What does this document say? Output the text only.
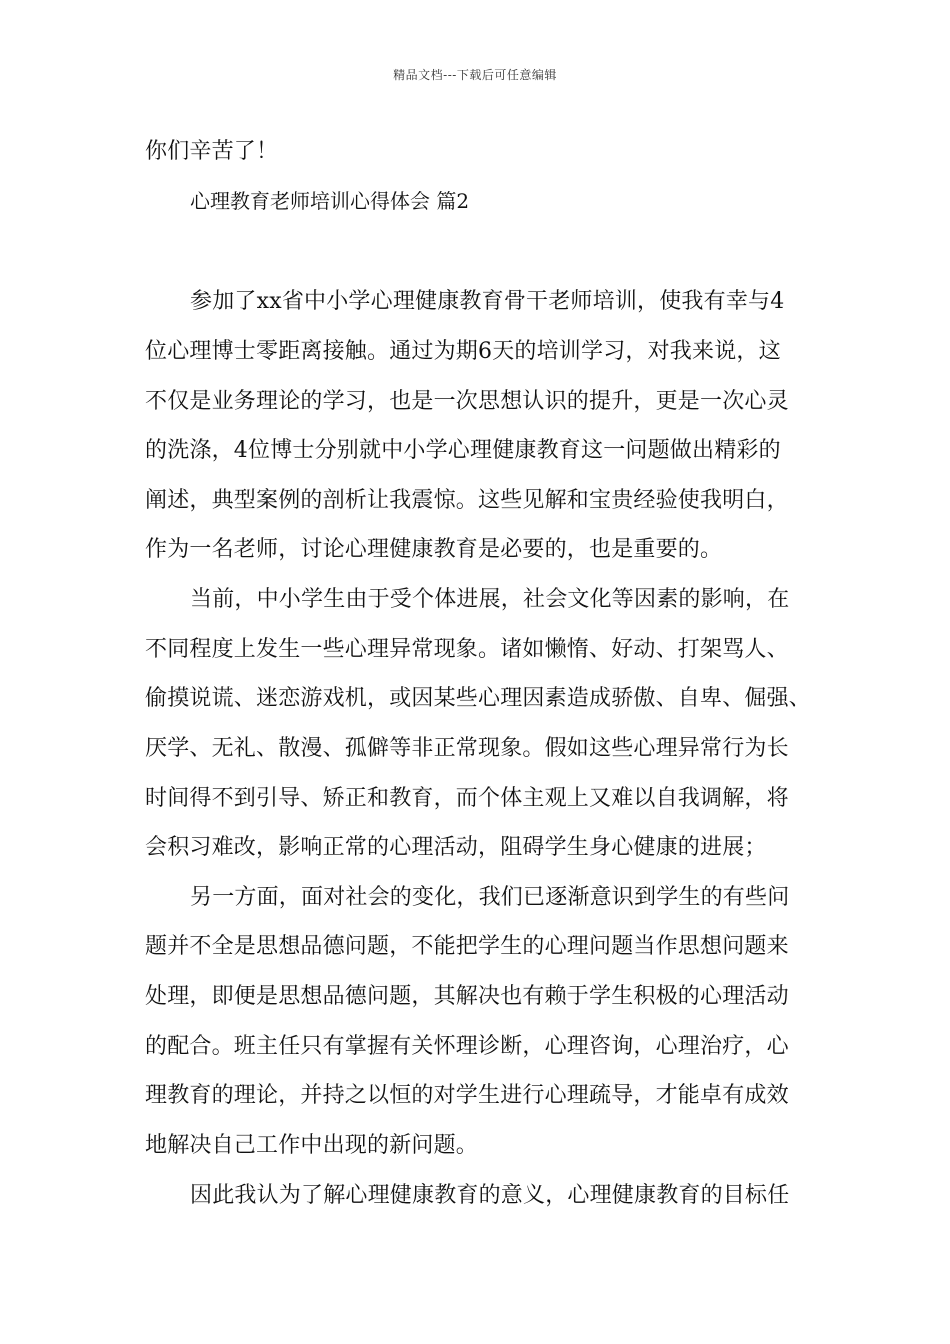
精品文档---下载后可任意编辑
你们辛苦了！
心理教育老师培训心得体会 篇2
参加了xx省中小学心理健康教育骨干老师培训，使我有幸与4
位心理博士零距离接触。通过为期6天的培训学习，对我来说，这
不仅是业务理论的学习，也是一次思想认识的提升，更是一次心灵
的洗涤，4位博士分别就中小学心理健康教育这一问题做出精彩的
阐述，典型案例的剖析让我震惊。这些见解和宝贵经验使我明白，
作为一名老师，讨论心理健康教育是必要的，也是重要的。
当前，中小学生由于受个体进展，社会文化等因素的影响，在
不同程度上发生一些心理异常现象。诸如懒惰、好动、打架骂人、
偷摸说谎、迷恋游戏机，或因某些心理因素造成骄傲、自卑、倔强、
厌学、无礼、散漫、孤僻等非正常现象。假如这些心理异常行为长
时间得不到引导、矫正和教育，而个体主观上又难以自我调解，将
会积习难改，影响正常的心理活动，阻碍学生身心健康的进展；
另一方面，面对社会的变化，我们已逐渐意识到学生的有些问
题并不全是思想品德问题，不能把学生的心理问题当作思想问题来
处理，即便是思想品德问题，其解决也有赖于学生积极的心理活动
的配合。班主任只有掌握有关怀理诊断，心理咨询，心理治疗，心
理教育的理论，并持之以恒的对学生进行心理疏导，才能卓有成效
地解决自己工作中出现的新问题。
因此我认为了解心理健康教育的意义，心理健康教育的目标任
